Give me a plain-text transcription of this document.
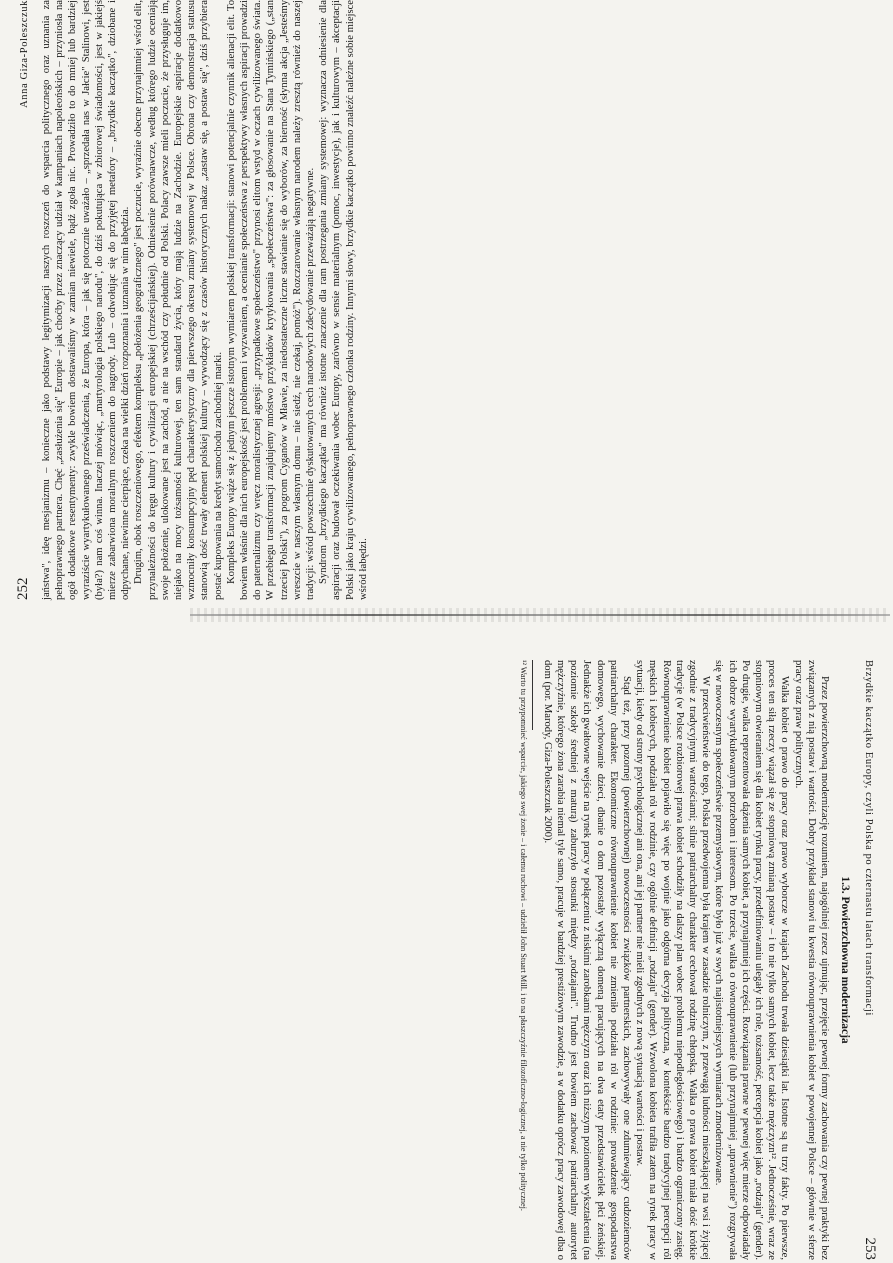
252
Anna Giza-Poleszczuk jaństwa", ideę mesjanizmu – konieczne jako podstawy legitymizacji naszych roszczeń do wsparcia politycznego oraz uznania za pełnoprawnego partnera. Chęć „zasłużenia się" Europie – jak choćby przez znaczący udział w kampaniach napoleońskich – przyniosła na ogół dodatkowe resentymenty: zwykle bowiem dostawaliśmy w zamian niewiele, bądź zgoła nic. Prowadziło to do mniej lub bardziej wyraziście wyartykułowanego przeświadczenia, że Europa, która – jak się potocznie uważało – „sprzedała nas w Jałcie" Stalinowi, jest (była?) nam coś winna. Inaczej mówiąc, „martyrologia polskiego narodu", do dziś pokutująca w zbiorowej świadomości, jest w jakiejś mierze zabarwiona moralnym roszczeniem do nagrody. Lub – odwołując się do przyjętej metafory – „brzydkie kaczątko", dziobane i odpychane, niewinne cierpiące, czeka na wielki dzień rozpoznania i uznania w nim łabędzia. Drugim, obok roszczeniowego, efektem kompleksu „położenia geograficznego" jest poczucie, wyraźnie obecne przynajmniej wśród elit, przynależności do kręgu kultury i cywilizacji europejskiej (chrześcijańskiej). Odniesienie porównawcze, według którego ludzie oceniają swoje położenie, ulokowane jest na zachód, a nie na wschód czy południe od Polski. Polacy zawsze mieli poczucie, że przysługuje im, niejako na mocy tożsamości kulturowej, ten sam standard życia, który mają ludzie na Zachodzie. Europejskie aspiracje dodatkowo wzmocniły konsumpcyjny pęd charakterystyczny dla pierwszego okresu zmiany systemowej w Polsce. Obrona czy demonstracja statusu stanowią dość trwały element polskiej kultury – wywodzący się z czasów historycznych nakaz „zastaw się, a postaw się", dziś przybiera postać kupowania na kredyt samochodu zachodniej marki. Kompleks Europy wiąże się z jednym jeszcze istotnym wymiarem polskiej transformacji: stanowi potencjalnie czynnik alienacji elit. To bowiem właśnie dla nich europejskość jest problemem i wyzwaniem, a ocenianie społeczeństwa z perspektywy własnych aspiracji prowadzi do paternalizmu czy wręcz moralistycznej agresji: „przypadkowe społeczeństwo" przynosi elitom wstyd w oczach cywilizowanego świata. W przebiegu transformacji znajdujemy mnóstwo przykładów krytykowania „społeczeństwa": za głosowanie na Stana Tymińskiego („stan trzeciej Polski"), za pogrom Cyganów w Mławie, za niedostateczne liczne stawianie się do wyborów, za bierność (słynna akcja „Jesteśmy wreszcie w naszym własnym domu – nie siedź, nie czekaj, pomóż"). Rozczarowanie własnym narodem należy zresztą również do naszej tradycji: wśród powszechnie dyskutowanych cech narodowych zdecydowanie przeważają negatywne. Syndrom „brzydkiego kaczątka" ma również istotne znaczenie dla ram postrzegania zmiany systemowej: wyznacza odniesienie dla aspiracji oraz budował oczekiwania wobec Europy, zarówno w sensie materialnym (pomoc, inwestycje), jak i kulturowym – akceptacji Polski jako kraju cywilizowanego, pełnoprawnego członka rodziny. Innymi słowy, brzydkie kaczątko powinno znaleźć należne sobie miejsce wśród łabędzi.

Brzydkie kaczątko Europy, czyli Polska po czternastu latach transformacji
253
1.3. Powierzchowna modernizacja

Przez powierzchowną modernizację rozumiem, najogólniej rzecz ujmując, przejęcie pewnej formy zachowania czy pewnej praktyki bez związanych z nią postaw i wartości. Dobry przykład stanowi tu kwestia równouprawnienia kobiet w powojennej Polsce – głównie w sferze pracy oraz praw politycznych.

Walka kobiet o prawo do pracy oraz prawo wyborcze w krajach Zachodu trwała dziesiątki lat. Istotne są tu trzy fakty. Po pierwsze, proces ten siłą rzeczy wiązał się ze stopniową zmianą postaw – i to nie tylko samych kobiet, lecz także mężczyzn¹². Jednocześnie, wraz ze stopniowym otwieraniem się dla kobiet rynku pracy, przedefiniowaniu ulegały ich role, tożsamość, percepcja kobiet jako „rodzaju" (gender). Po drugie, walka reprezentowała dążenia samych kobiet, a przynajmniej ich części. Rozwiązania prawne w pewnej więc mierze odpowiadały ich dobrze wyartykułowanym potrzebom i interesom. Po trzecie, walka o równouprawnienie (lub przynajmniej „uprawnienie") rozgrywała się w nowoczesnym społeczeństwie przemysłowym, które było już w swych najistotniejszych wymiarach zmodernizowane.

W przeciwieństwie do tego, Polska przedwojenna była krajem w zasadzie rolniczym, z przewagą ludności mieszkającej na wsi i żyjącej zgodnie z tradycyjnymi wartościami; silnie patriarchalny charakter cechował rodzinę chłopską. Walka o prawa kobiet miała dość krótkie tradycje (w Polsce rozbiorowej prawa kobiet schodziły na dalszy plan wobec problemu niepodległościowego) i bardzo ograniczony zasięg. Równouprawnienie kobiet pojawiło się więc po wojnie jako odgórna decyzja polityczna, w kontekście bardzo tradycyjnej percepcji ról męskich i kobiecych, podziału ról w rodzinie, czy ogólnie definicji „rodzaju" (gender). Wzwolona kobieta trafiła zatem na rynek pracy w sytuacji, kiedy od strony psychologicznej ani ona, ani jej partner nie mieli zgodnych z nową sytuacją wartości i postaw.

Stąd też, przy pozornej (powierzchownej) nowoczesności związków partnerskich, zachowywały one zdumiewający cudzoziemców patriarchalny charakter. Ekonomiczne równouprawnienie kobiet nie zmieniło podziału ról w rodzinie: prowadzenie gospodarstwa domowego, wychowanie dzieci, dbanie o dom pozostały wyłączną domeną pracujących na dwa etaty przedstawicielek płci żeńskiej. Jednakże ich gwałtowne wejście na rynek pracy w połączeniu z niskimi zarobkami mężczyzn oraz ich niższym poziomem wykształcenia (na poziomie szkoły średniej z maturą) zaburzyło stosunki między „rodzajami". Trudno jest bowiem zachować patriarchalny autorytet mężczyźnie, którego żona zarabia niemal tyle samo, pracuje w bardziej prestiżowym zawodzie, a w dodatku oprócz pracy zawodowej dba o dom (por. Marody, Giza-Poleszczuk 2000).

¹² Warto tu przypomnieć wsparcie, jakiego swej żonie – i całemu ruchowi – udzielił John Stuart Mill. i to na płaszczyźnie filozoficzno-logicznej, a nie tylko politycznej.
